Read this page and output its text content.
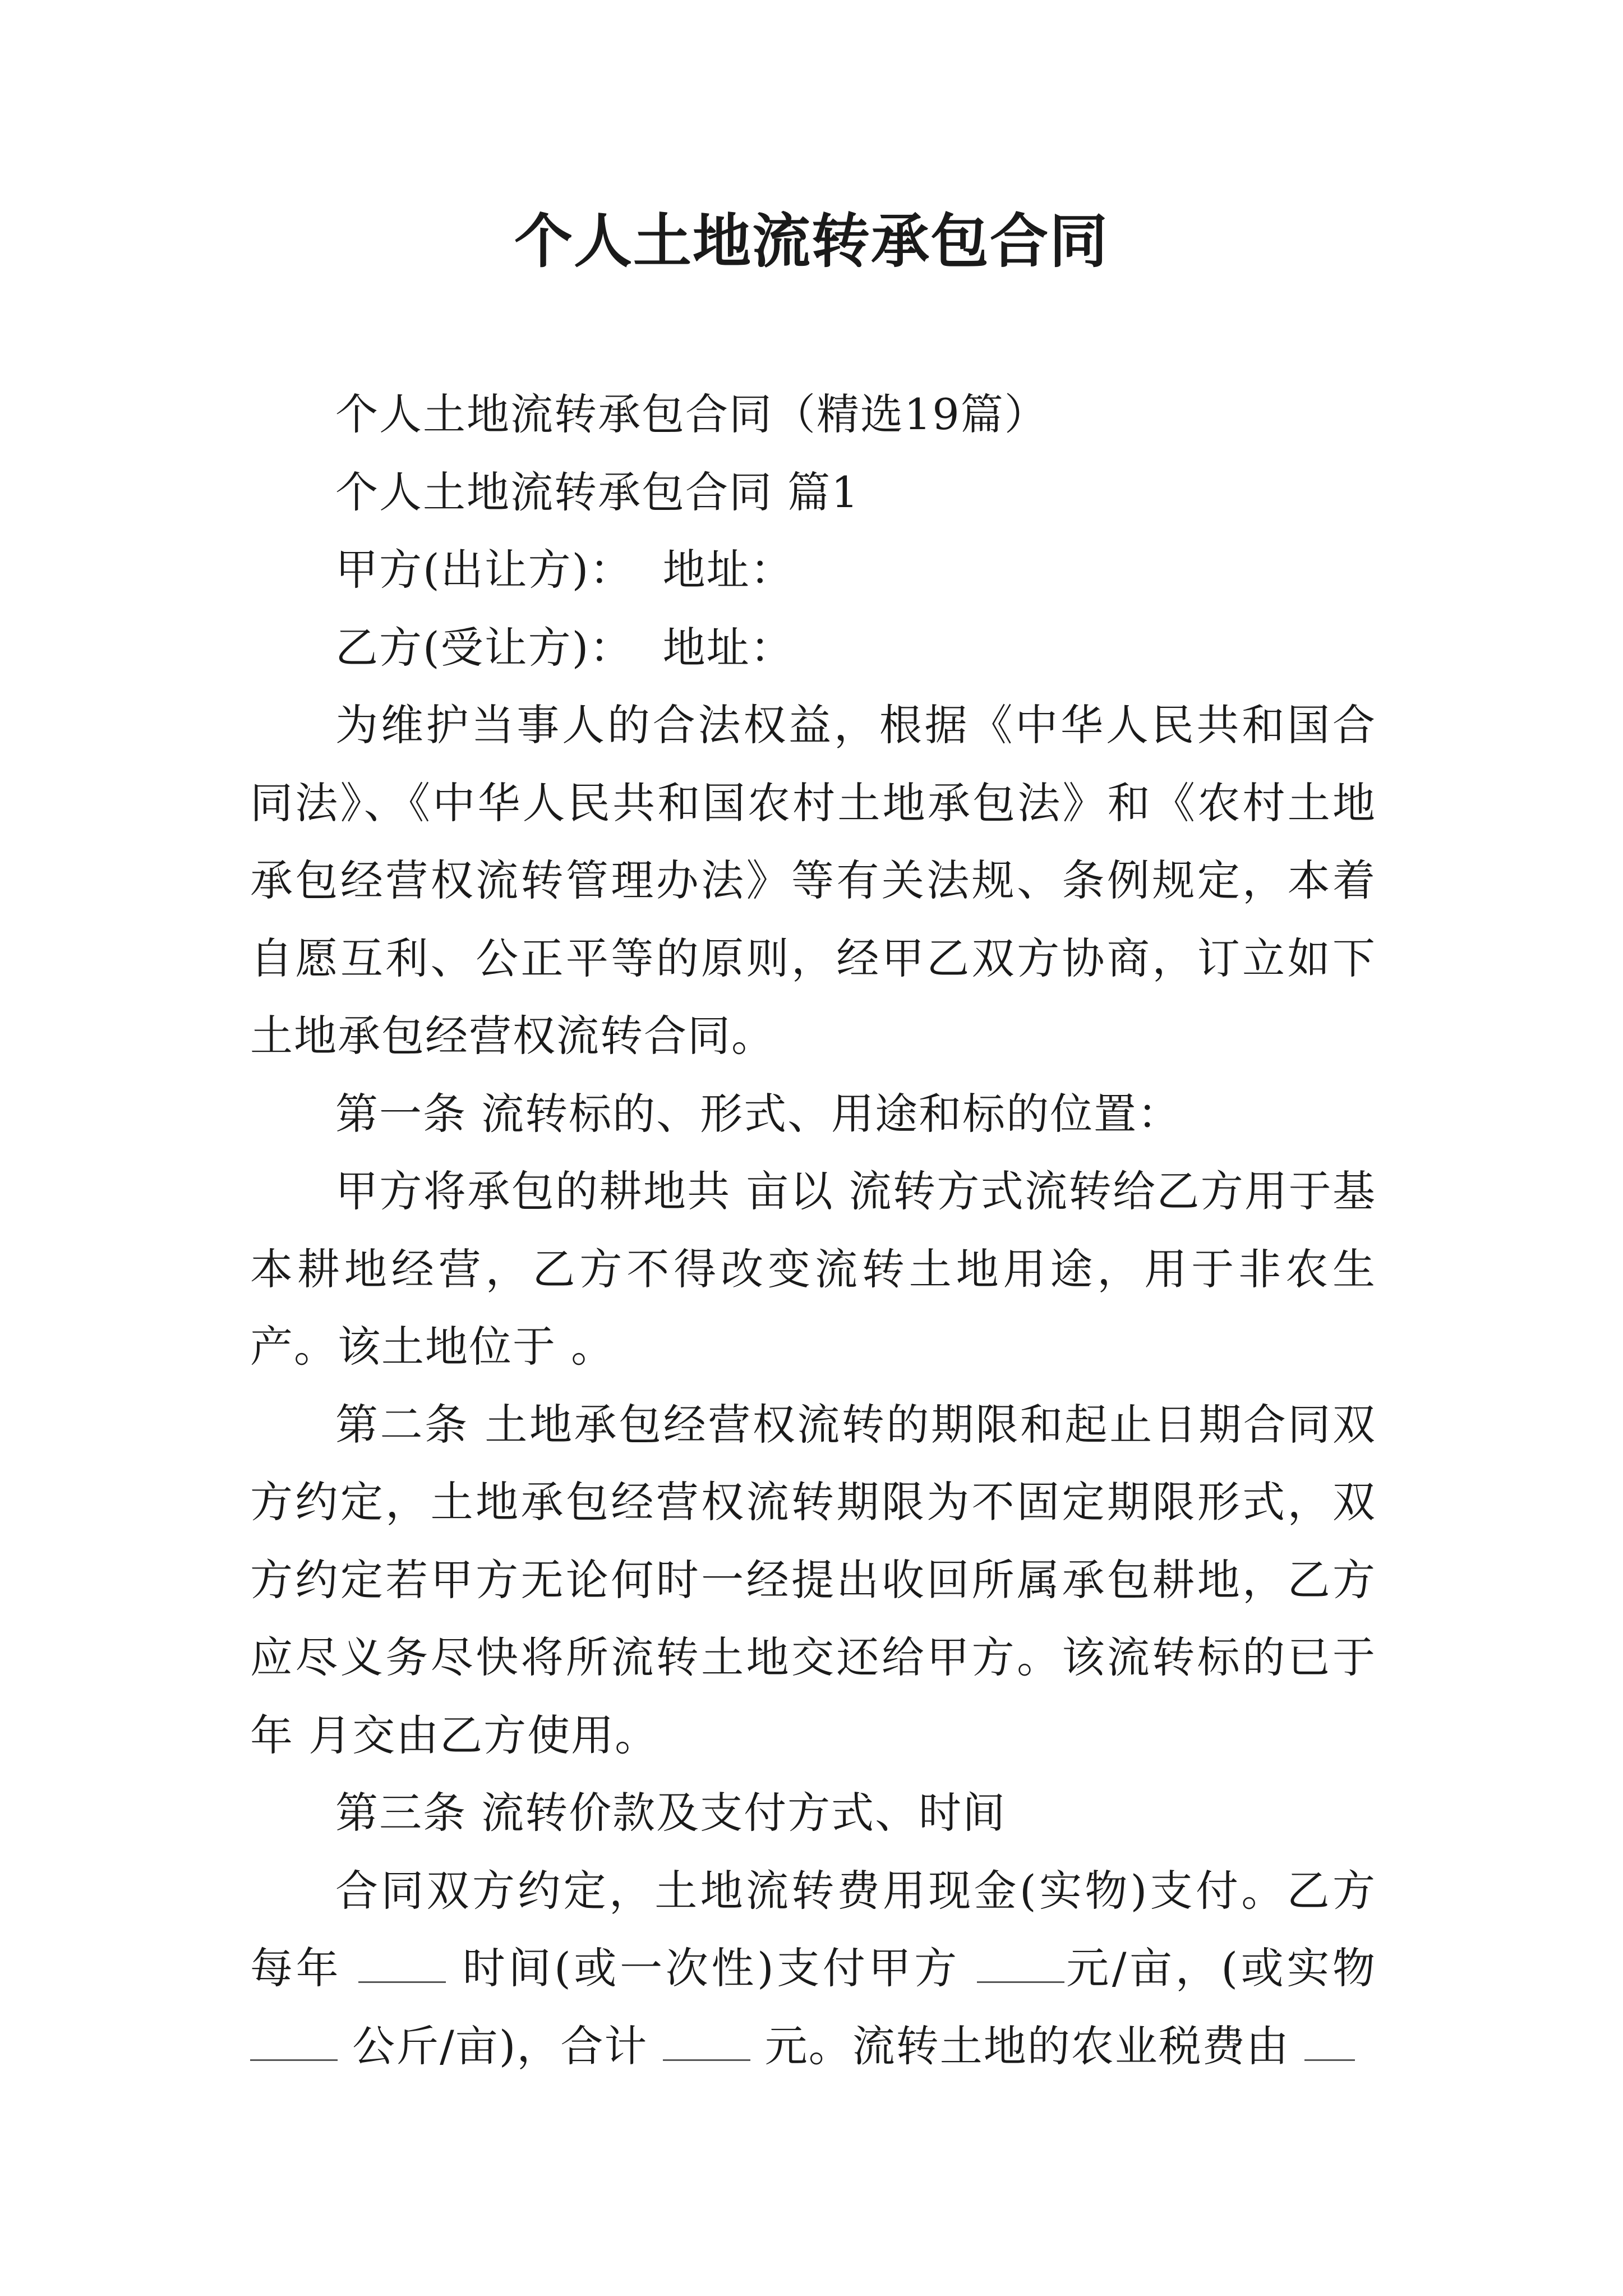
个人土地流转承包合同

个人土地流转承包合同（精选19篇）

个人土地流转承包合同 篇1

甲方(出让方)：  地址：

乙方(受让方)：  地址：

为维护当事人的合法权益，根据《中华人民共和国合同法》、《中华人民共和国农村土地承包法》和《农村土地承包经营权流转管理办法》等有关法规、条例规定，本着自愿互利、公正平等的原则，经甲乙双方协商，订立如下土地承包经营权流转合同。

第一条 流转标的、形式、用途和标的位置：

甲方将承包的耕地共 亩以 流转方式流转给乙方用于基本耕地经营，乙方不得改变流转土地用途，用于非农生产。该土地位于 。

第二条 土地承包经营权流转的期限和起止日期合同双方约定，土地承包经营权流转期限为不固定期限形式，双方约定若甲方无论何时一经提出收回所属承包耕地，乙方应尽义务尽快将所流转土地交还给甲方。该流转标的已于 年 月交由乙方使用。

第三条 流转价款及支付方式、时间

合同双方约定，土地流转费用现金(实物)支付。乙方每年	时间(或一次性)支付甲方 元/亩，(或实物  公斤/亩)，合计	元。流转土地的农业税费由
